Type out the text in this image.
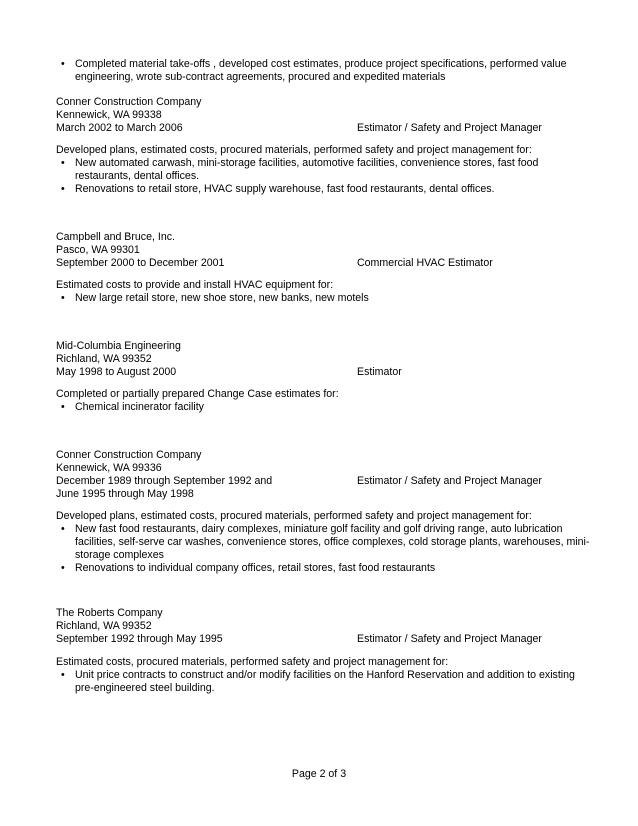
• Completed material take-offs , developed cost estimates, produce project specifications, performed value engineering, wrote sub-contract agreements, procured and expedited materials
Conner Construction Company
Kennewick, WA 99338
March 2002 to March 2006	Estimator / Safety and Project Manager
Developed plans, estimated costs, procured materials, performed safety and project management for:
• New automated carwash, mini-storage facilities, automotive facilities, convenience stores, fast food restaurants, dental offices.
• Renovations to retail store, HVAC supply warehouse, fast food restaurants, dental offices.
Campbell and Bruce, Inc.
Pasco, WA 99301
September 2000 to December 2001	Commercial HVAC Estimator
Estimated costs to provide and install HVAC equipment for:
• New large retail store, new shoe store, new banks, new motels
Mid-Columbia Engineering
Richland, WA 99352
May 1998 to August 2000	Estimator
Completed or partially prepared Change Case estimates for:
• Chemical incinerator facility
Conner Construction Company
Kennewick, WA 99336
December 1989 through September 1992 and	Estimator / Safety and Project Manager
June 1995 through May 1998
Developed plans, estimated costs, procured materials, performed safety and project management for:
• New fast food restaurants, dairy complexes, miniature golf facility and golf driving range, auto lubrication facilities, self-serve car washes, convenience stores, office complexes, cold storage plants, warehouses, mini-storage complexes
• Renovations to individual company offices, retail stores, fast food restaurants
The Roberts Company
Richland, WA 99352
September 1992 through May 1995	Estimator / Safety and Project Manager
Estimated costs, procured materials, performed safety and project management for:
• Unit price contracts to construct and/or modify facilities on the Hanford Reservation and addition to existing pre-engineered steel building.
Page 2 of 3
